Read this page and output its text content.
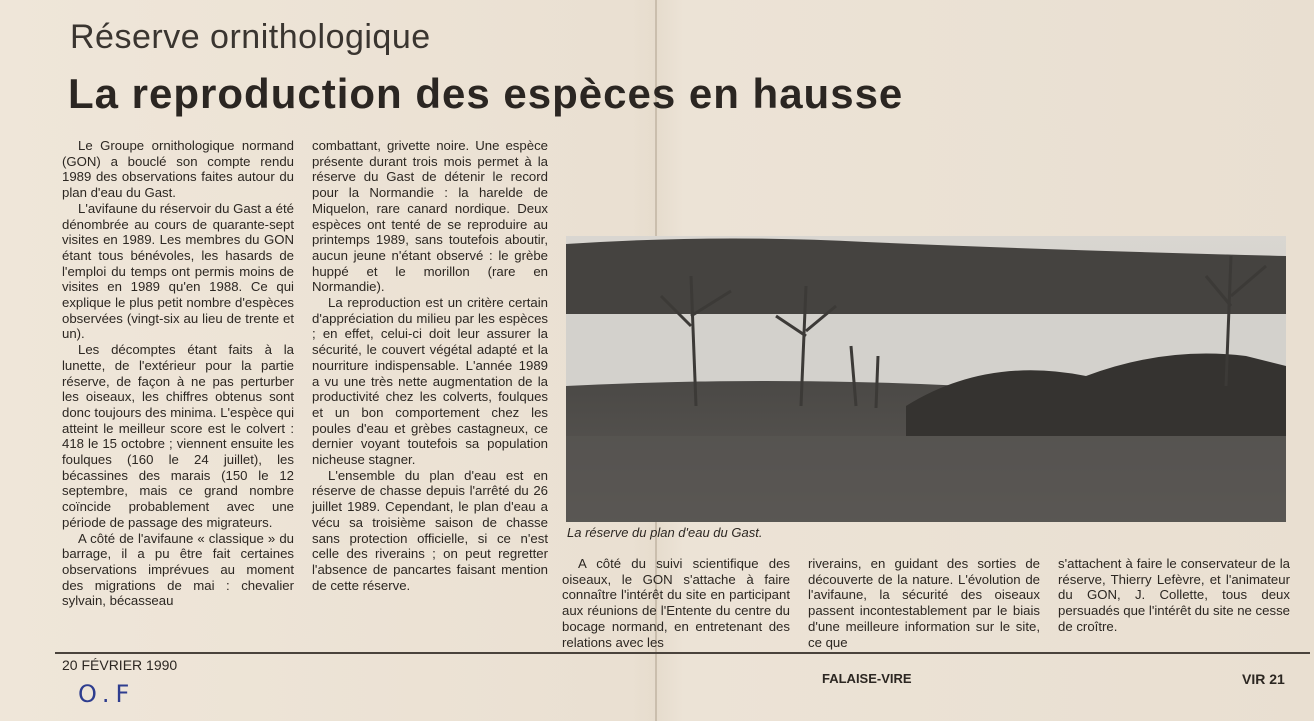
Réserve ornithologique
La reproduction des espèces en hausse

Le Groupe ornithologique normand (GON) a bouclé son compte rendu 1989 des observations faites autour du plan d'eau du Gast.

L'avifaune du réservoir du Gast a été dénombrée au cours de quarante-sept visites en 1989. Les membres du GON étant tous bénévoles, les hasards de l'emploi du temps ont permis moins de visites en 1989 qu'en 1988. Ce qui explique le plus petit nombre d'espèces observées (vingt-six au lieu de trente et un).

Les décomptes étant faits à la lunette, de l'extérieur pour la partie réserve, de façon à ne pas perturber les oiseaux, les chiffres obtenus sont donc toujours des minima. L'espèce qui atteint le meilleur score est le colvert : 418 le 15 octobre ; viennent ensuite les foulques (160 le 24 juillet), les bécassines des marais (150 le 12 septembre, mais ce grand nombre coïncide probablement avec une période de passage des migrateurs.

A côté de l'avifaune « classique » du barrage, il a pu être fait certaines observations imprévues au moment des migrations de mai : chevalier sylvain, bécasseau

combattant, grivette noire. Une espèce présente durant trois mois permet à la réserve du Gast de détenir le record pour la Normandie : la harelde de Miquelon, rare canard nordique. Deux espèces ont tenté de se reproduire au printemps 1989, sans toutefois aboutir, aucun jeune n'étant observé : le grèbe huppé et le morillon (rare en Normandie).

La reproduction est un critère certain d'appréciation du milieu par les espèces ; en effet, celui-ci doit leur assurer la sécurité, le couvert végétal adapté et la nourriture indispensable. L'année 1989 a vu une très nette augmentation de la productivité chez les colverts, foulques et un bon comportement chez les poules d'eau et grèbes castagneux, ce dernier voyant toutefois sa population nicheuse stagner.

L'ensemble du plan d'eau est en réserve de chasse depuis l'arrêté du 26 juillet 1989. Cependant, le plan d'eau a vécu sa troisième saison de chasse sans protection officielle, si ce n'est celle des riverains ; on peut regretter l'absence de pancartes faisant mention de cette réserve.

La réserve du plan d'eau du Gast.

A côté du suivi scientifique des oiseaux, le GON s'attache à faire connaître l'intérêt du site en participant aux réunions de l'Entente du centre du bocage normand, en entretenant des relations avec les

riverains, en guidant des sorties de découverte de la nature. L'évolution de l'avifaune, la sécurité des oiseaux passent incontestablement par le biais d'une meilleure information sur le site, ce que

s'attachent à faire le conservateur de la réserve, Thierry Lefèvre, et l'animateur du GON, J. Collette, tous deux persuadés que l'intérêt du site ne cesse de croître.

20 FÉVRIER 1990
FALAISE-VIRE	VIR 21
O.F
